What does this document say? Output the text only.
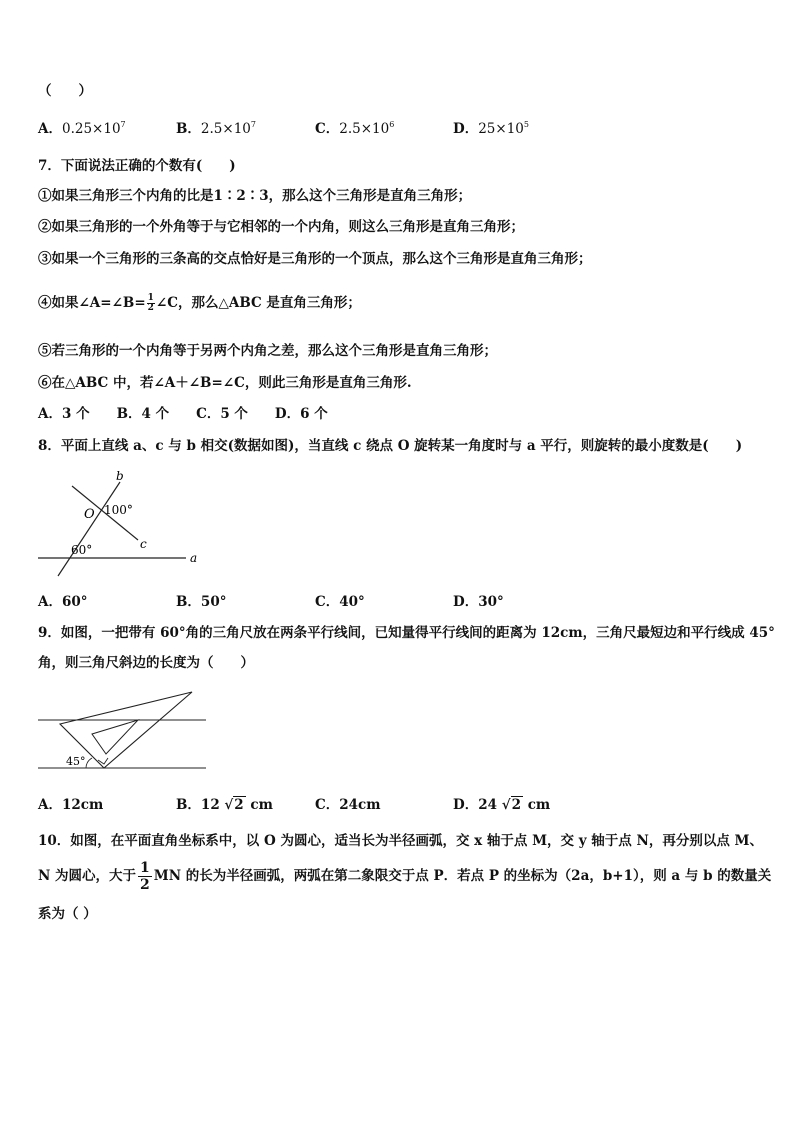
（　　）
A．$0.25\times 10^7$	B．$2.5\times 10^7$	C．$2.5\times 10^6$	D．$25\times 10^5$
7．下面说法正确的个数有(　　)
①如果三角形三个内角的比是1∶2∶3，那么这个三角形是直角三角形；
②如果三角形的一个外角等于与它相邻的一个内角，则这么三角形是直角三角形；
③如果一个三角形的三条高的交点恰好是三角形的一个顶点，那么这个三角形是直角三角形；
④如果∠A=∠B= $\frac{1}{2}$ ∠C，那么△ABC 是直角三角形；
⑤若三角形的一个内角等于另两个内角之差，那么这个三角形是直角三角形；
⑥在△ABC 中，若∠A＋∠B=∠C，则此三角形是直角三角形.
A．3 个　　B．4 个　　C．5 个　　D．6 个
8．平面上直线 a、c 与 b 相交(数据如图)，当直线 c 绕点 O 旋转某一角度时与 a 平行，则旋转的最小度数是(　　)
b
O 100°
c
60°
a
A．60°	B．50°	C．40°	D．30°
9．如图，一把带有 60°角的三角尺放在两条平行线间，已知量得平行线间的距离为 12cm，三角尺最短边和平行线成 45°
角，则三角尺斜边的长度为（　　）
45°
A．12cm	B．12 √2 cm	C．24cm	D．24 √2 cm
10．如图，在平面直角坐标系中，以 O 为圆心，适当长为半径画弧，交 x 轴于点 M，交 y 轴于点 N，再分别以点 M、
N 为圆心，大于 $\frac{1}{2}$ MN 的长为半径画弧，两弧在第二象限交于点 P．若点 P 的坐标为（2a，b+1），则 a 与 b 的数量关
系为（ ）
